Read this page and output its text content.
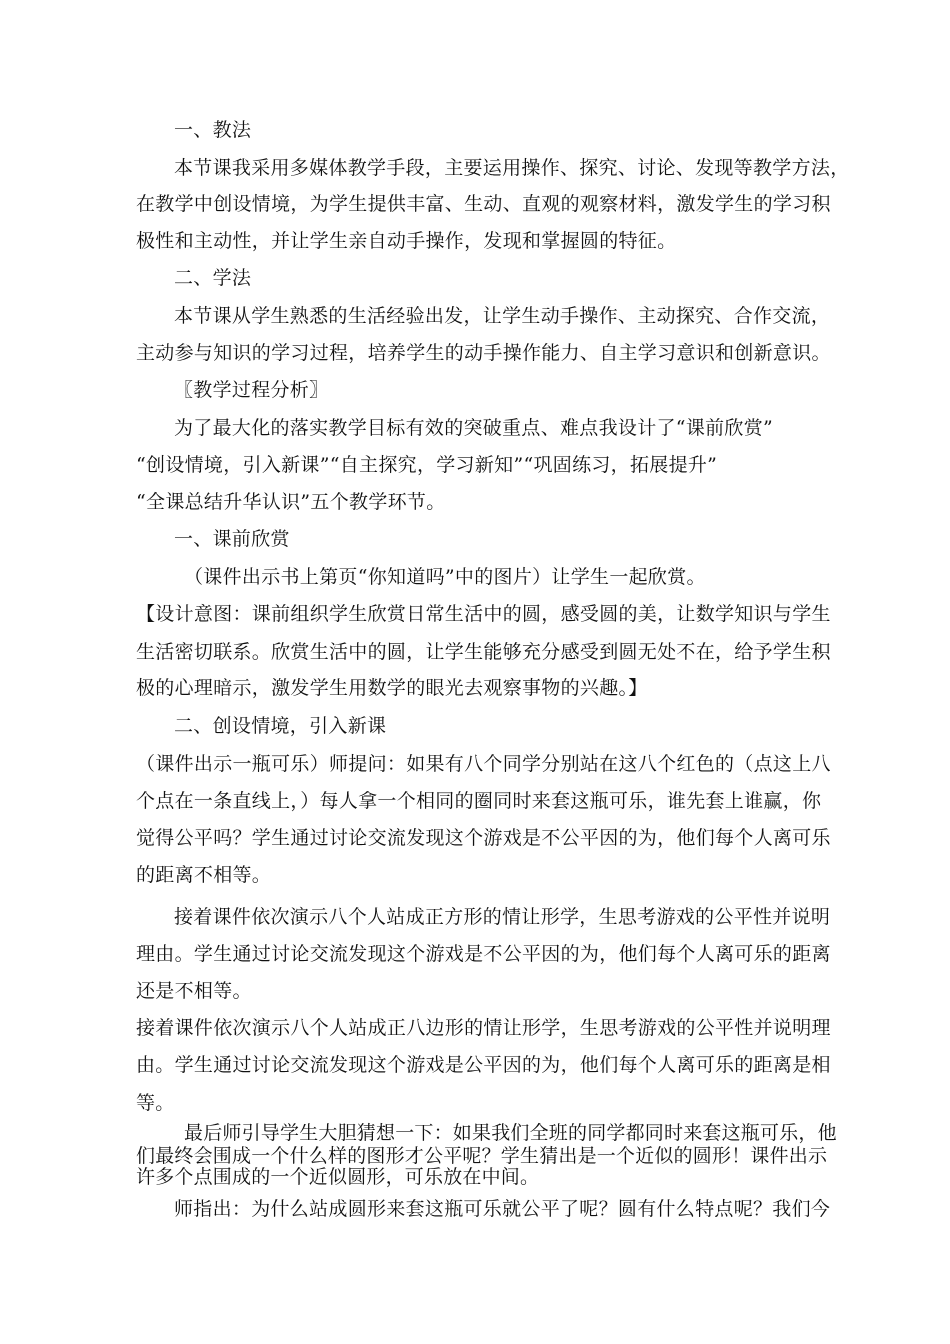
一、教法
本节课我采用多媒体教学手段，主要运用操作、探究、讨论、发现等教学方法，
在教学中创设情境，为学生提供丰富、生动、直观的观察材料，激发学生的学习积
极性和主动性，并让学生亲自动手操作，发现和掌握圆的特征。
二、学法
本节课从学生熟悉的生活经验出发，让学生动手操作、主动探究、合作交流，
主动参与知识的学习过程，培养学生的动手操作能力、自主学习意识和创新意识。
〖教学过程分析〗
为了最大化的落实教学目标有效的突破重点、难点我设计了“课前欣赏”
“创设情境，引入新课”“自主探究，学习新知”“巩固练习，拓展提升”
“全课总结升华认识”五个教学环节。
一、课前欣赏
（课件出示书上第页“你知道吗”中的图片）让学生一起欣赏。
【设计意图：课前组织学生欣赏日常生活中的圆，感受圆的美，让数学知识与学生
生活密切联系。欣赏生活中的圆，让学生能够充分感受到圆无处不在，给予学生积
极的心理暗示，激发学生用数学的眼光去观察事物的兴趣。】
二、创设情境，引入新课
（课件出示一瓶可乐）师提问：如果有八个同学分别站在这八个红色的（点这上八
个点在一条直线上，）每人拿一个相同的圈同时来套这瓶可乐，谁先套上谁赢，你
觉得公平吗？学生通过讨论交流发现这个游戏是不公平因的为，他们每个人离可乐
的距离不相等。
接着课件依次演示八个人站成正方形的情让形学，生思考游戏的公平性并说明
理由。学生通过讨论交流发现这个游戏是不公平因的为，他们每个人离可乐的距离
还是不相等。
接着课件依次演示八个人站成正八边形的情让形学，生思考游戏的公平性并说明理
由。学生通过讨论交流发现这个游戏是公平因的为，他们每个人离可乐的距离是相
等。
最后师引导学生大胆猜想一下：如果我们全班的同学都同时来套这瓶可乐，他
们最终会围成一个什么样的图形才公平呢？学生猜出是一个近似的圆形！课件出示
许多个点围成的一个近似圆形，可乐放在中间。
师指出：为什么站成圆形来套这瓶可乐就公平了呢？圆有什么特点呢？我们今
